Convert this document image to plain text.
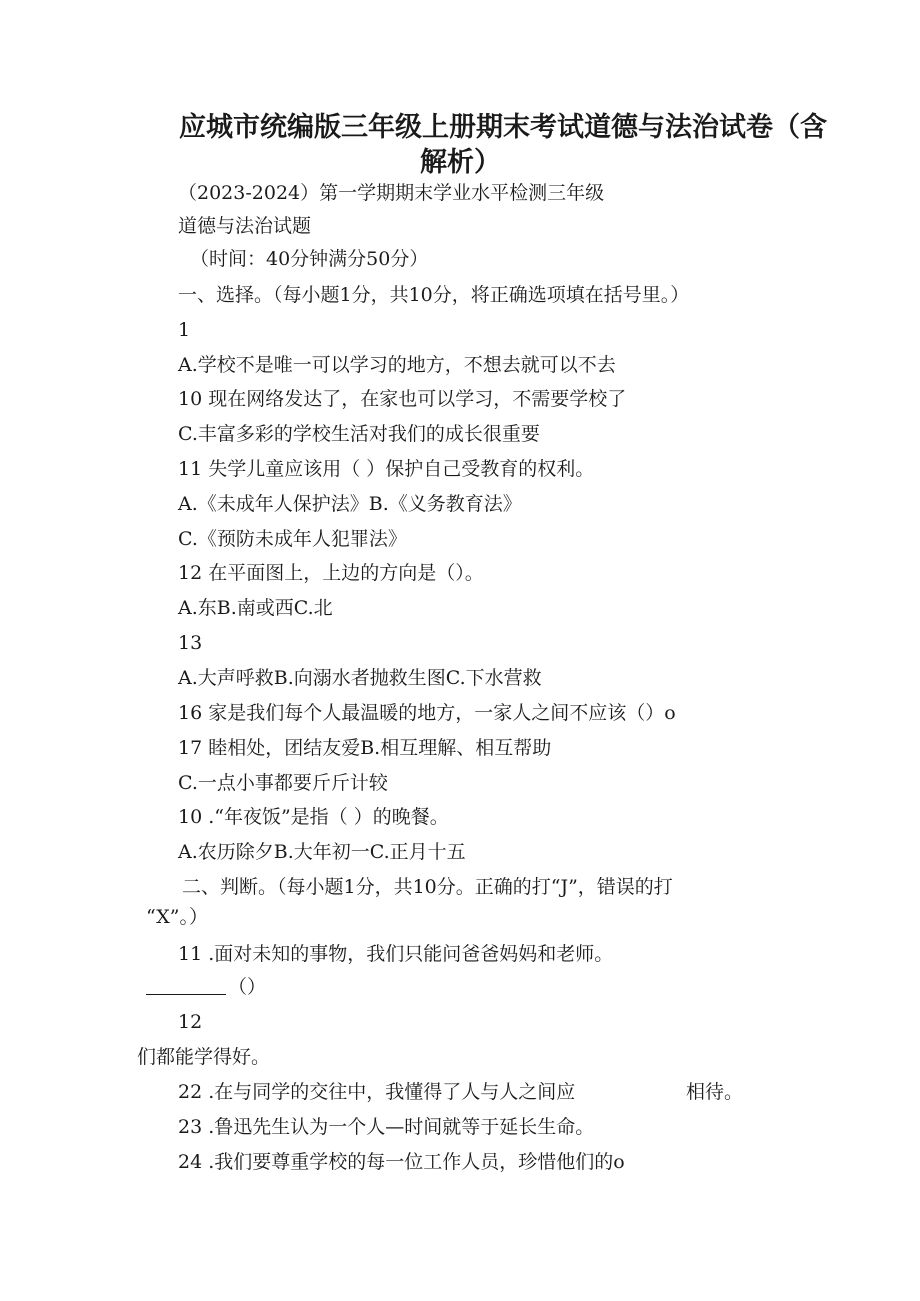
应城市统编版三年级上册期末考试道德与法治试卷（含
解析）
（2023-2024）第一学期期末学业水平检测三年级
道德与法治试题
（时间：40分钟满分50分）
一、选择。（每小题1分，共10分，将正确选项填在括号里。）
1
A.学校不是唯一可以学习的地方，不想去就可以不去
10 现在网络发达了，在家也可以学习，不需要学校了
C.丰富多彩的学校生活对我们的成长很重要
11 失学儿童应该用（ ）保护自己受教育的权利。
A.《未成年人保护法》B.《义务教育法》
C.《预防未成年人犯罪法》
12 在平面图上，上边的方向是（）。
A.东B.南或西C.北
13
A.大声呼救B.向溺水者抛救生图C.下水营救
16 家是我们每个人最温暖的地方，一家人之间不应该（）o
17 睦相处，团结友爱B.相互理解、相互帮助
C.一点小事都要斤斤计较
10 .“年夜饭”是指（ ）的晚餐。
A.农历除夕B.大年初一C.正月十五
二、判断。（每小题1分，共10分。正确的打“J”，错误的打
“X”。）
11 .面对未知的事物，我们只能问爸爸妈妈和老师。
（）
12
们都能学得好。
22 .在与同学的交往中，我懂得了人与人之间应	相待。
23 .鲁迅先生认为一个人—时间就等于延长生命。
24 .我们要尊重学校的每一位工作人员，珍惜他们的o
